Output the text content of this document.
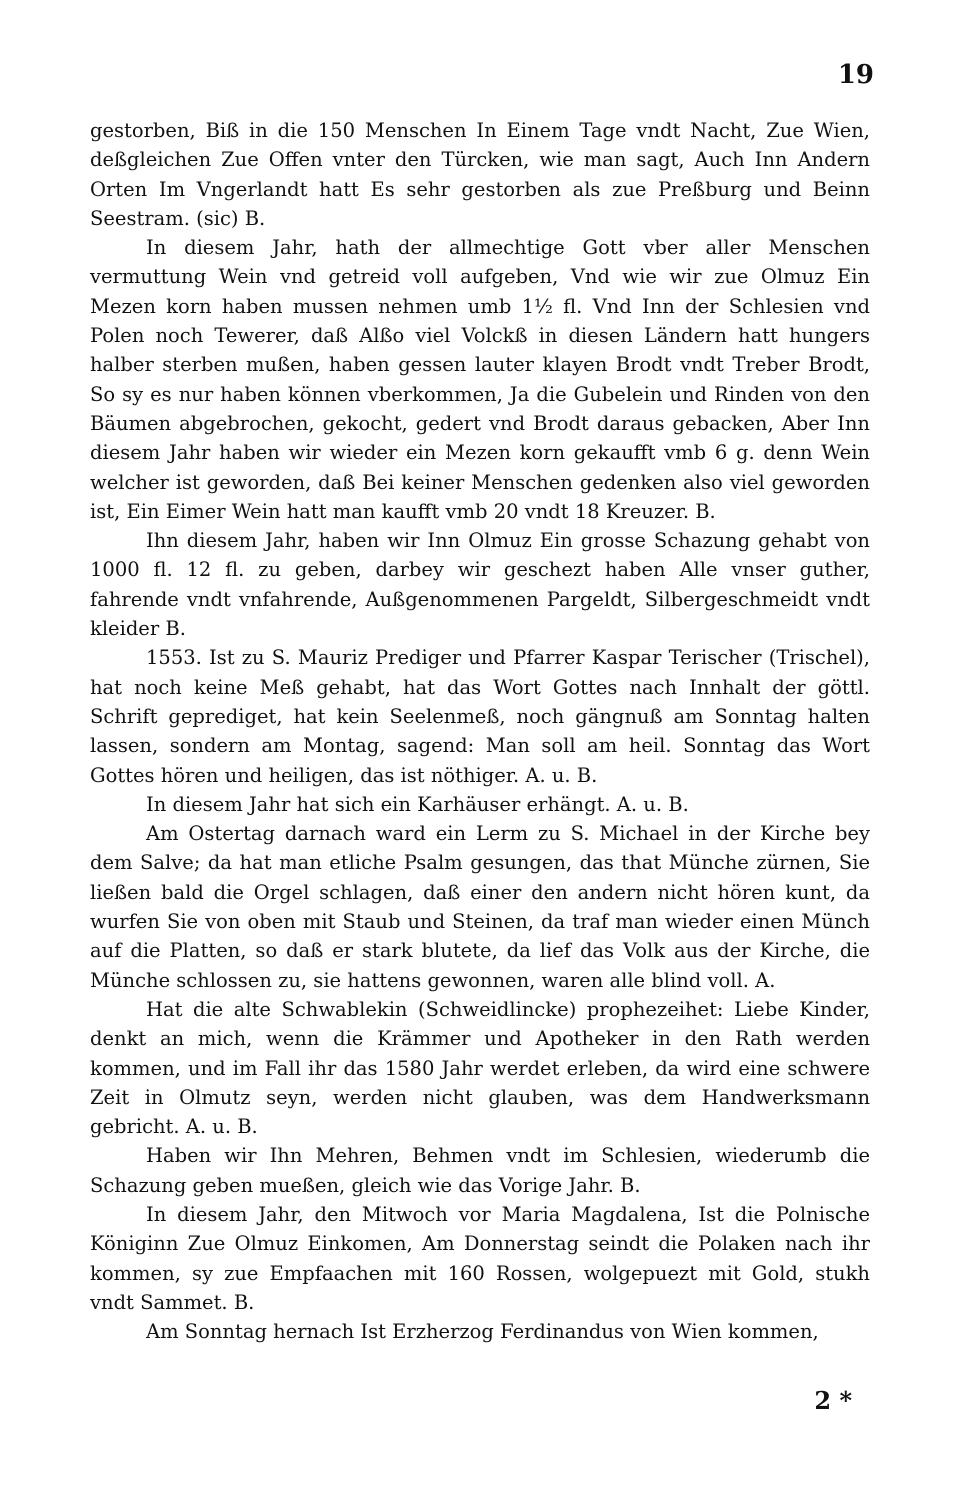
19

gestorben, Biß in die 150 Menschen In Einem Tage vndt Nacht, Zue Wien, deßgleichen Zue Offen vnter den Türcken, wie man sagt, Auch Inn Andern Orten Im Vngerlandt hatt Es sehr gestorben als zue Preßburg und Beinn Seestram. (sic) B.

In diesem Jahr, hath der allmechtige Gott vber aller Menschen vermuttung Wein vnd getreid voll aufgeben, Vnd wie wir zue Olmuz Ein Mezen korn haben mussen nehmen umb 1½ fl. Vnd Inn der Schlesien vnd Polen noch Tewerer, daß Alßo viel Volckß in diesen Ländern hatt hungers halber sterben mußen, haben gessen lauter klayen Brodt vndt Treber Brodt, So sy es nur haben können vberkommen, Ja die Gubelein und Rinden von den Bäumen abgebrochen, gekocht, gedert vnd Brodt daraus gebacken, Aber Inn diesem Jahr haben wir wieder ein Mezen korn gekaufft vmb 6 g. denn Wein welcher ist geworden, daß Bei keiner Menschen gedenken also viel geworden ist, Ein Eimer Wein hatt man kaufft vmb 20 vndt 18 Kreuzer. B.

Ihn diesem Jahr, haben wir Inn Olmuz Ein grosse Schazung gehabt von 1000 fl. 12 fl. zu geben, darbey wir geschezt haben Alle vnser guther, fahrende vndt vnfahrende, Außgenommenen Pargeldt, Silbergeschmeidt vndt kleider B.

1553. Ist zu S. Mauriz Prediger und Pfarrer Kaspar Terischer (Trischel), hat noch keine Meß gehabt, hat das Wort Gottes nach Innhalt der göttl. Schrift geprediget, hat kein Seelenmeß, noch gängnuß am Sonntag halten lassen, sondern am Montag, sagend: Man soll am heil. Sonntag das Wort Gottes hören und heiligen, das ist nöthiger. A. u. B.

In diesem Jahr hat sich ein Karhäuser erhängt. A. u. B.

Am Ostertag darnach ward ein Lerm zu S. Michael in der Kirche bey dem Salve; da hat man etliche Psalm gesungen, das that Münche zürnen, Sie ließen bald die Orgel schlagen, daß einer den andern nicht hören kunt, da wurfen Sie von oben mit Staub und Steinen, da traf man wieder einen Münch auf die Platten, so daß er stark blutete, da lief das Volk aus der Kirche, die Münche schlossen zu, sie hattens gewonnen, waren alle blind voll. A.

Hat die alte Schwablekin (Schweidlincke) prophezeihet: Liebe Kinder, denkt an mich, wenn die Krämmer und Apotheker in den Rath werden kommen, und im Fall ihr das 1580 Jahr werdet erleben, da wird eine schwere Zeit in Olmutz seyn, werden nicht glauben, was dem Handwerksmann gebricht. A. u. B.

Haben wir Ihn Mehren, Behmen vndt im Schlesien, wiederumb die Schazung geben mueßen, gleich wie das Vorige Jahr. B.

In diesem Jahr, den Mitwoch vor Maria Magdalena, Ist die Polnische Königinn Zue Olmuz Einkomen, Am Donnerstag seindt die Polaken nach ihr kommen, sy zue Empfaachen mit 160 Rossen, wolgepuezt mit Gold, stukh vndt Sammet. B.

Am Sonntag hernach Ist Erzherzog Ferdinandus von Wien kommen,

2 *
